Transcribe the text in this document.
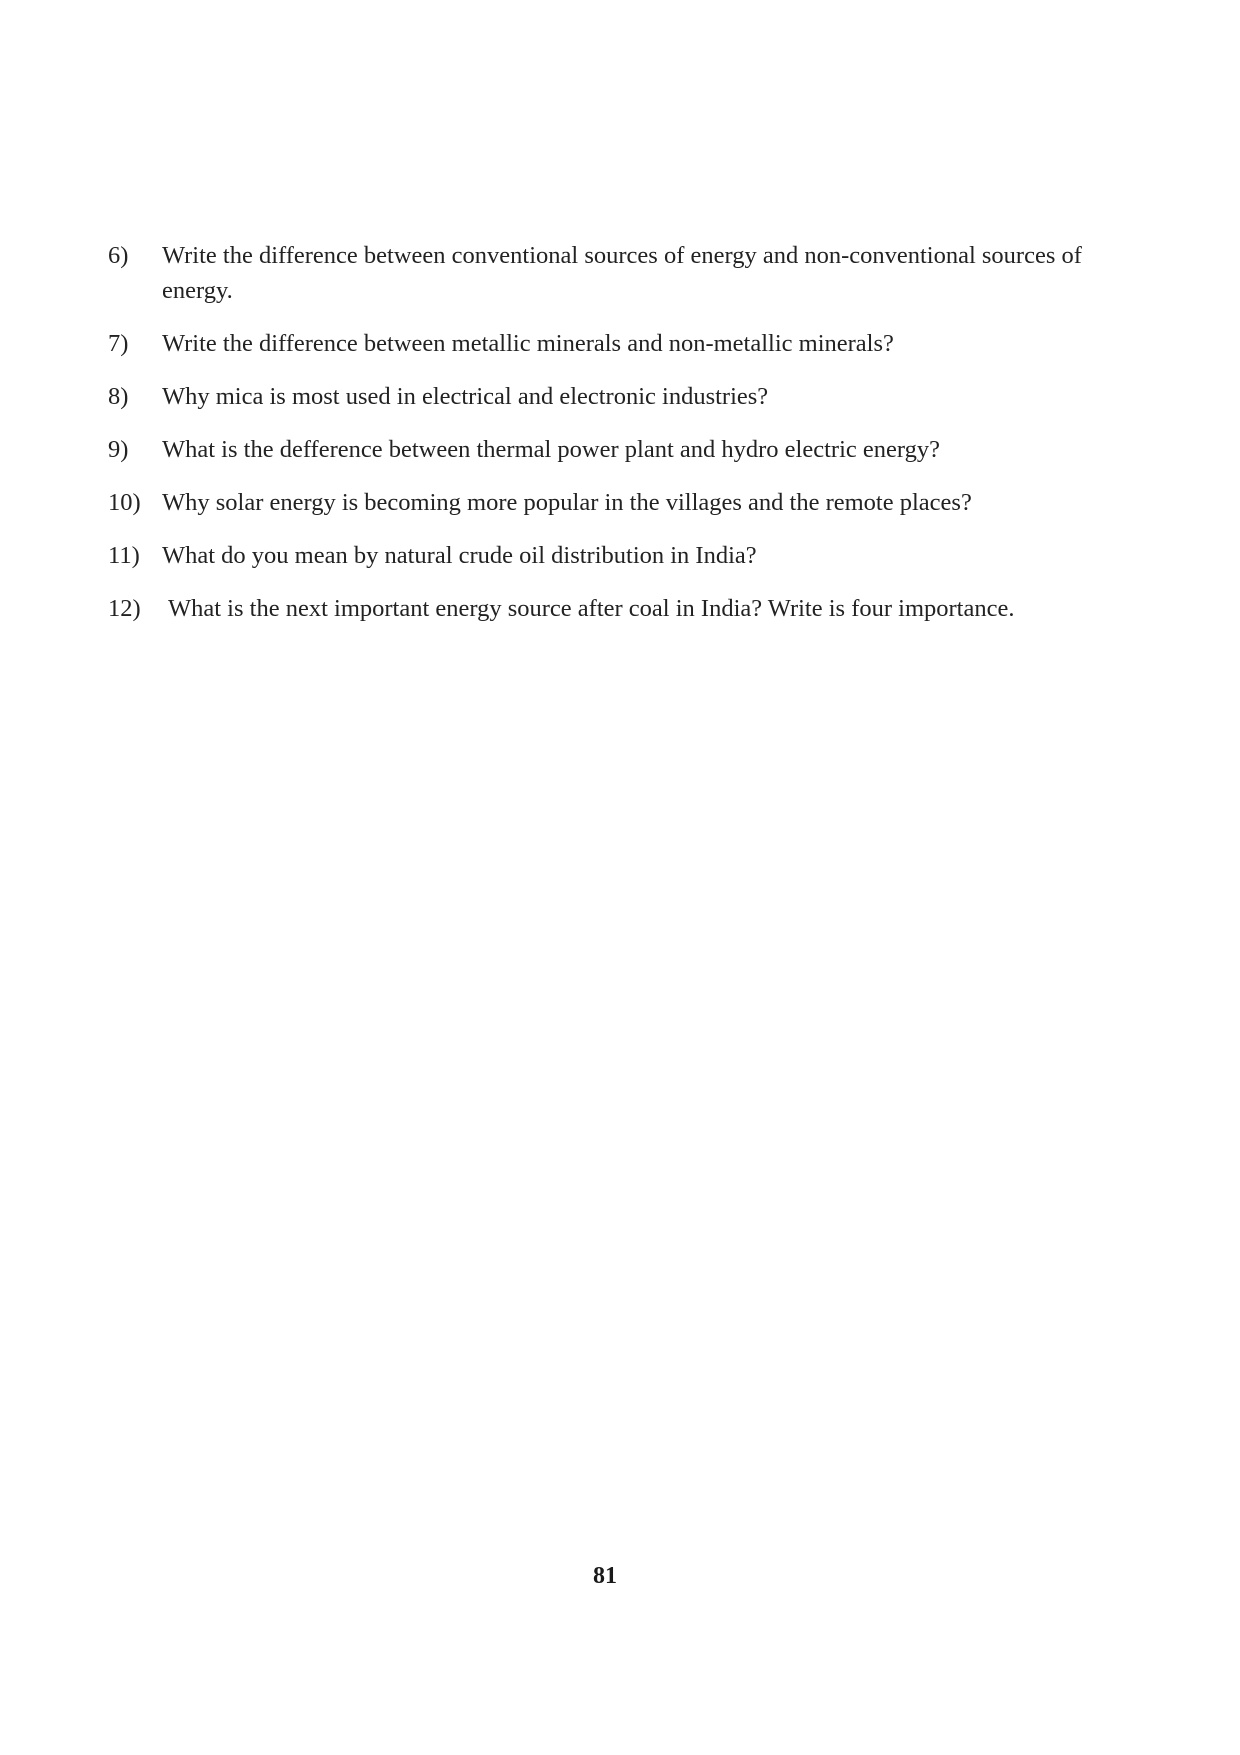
6)	Write the difference between conventional sources of energy and non-conventional sources of energy.
7)	Write the difference between metallic minerals and non-metallic minerals?
8)	Why mica is most used in electrical and electronic industries?
9)	What is the defference between thermal power plant and hydro electric energy?
10) Why solar energy is becoming more popular in the villages and the remote places?
11) What do you mean by natural crude oil distribution in India?
12)	What is the next important energy source after coal in India? Write is four importance.
81
